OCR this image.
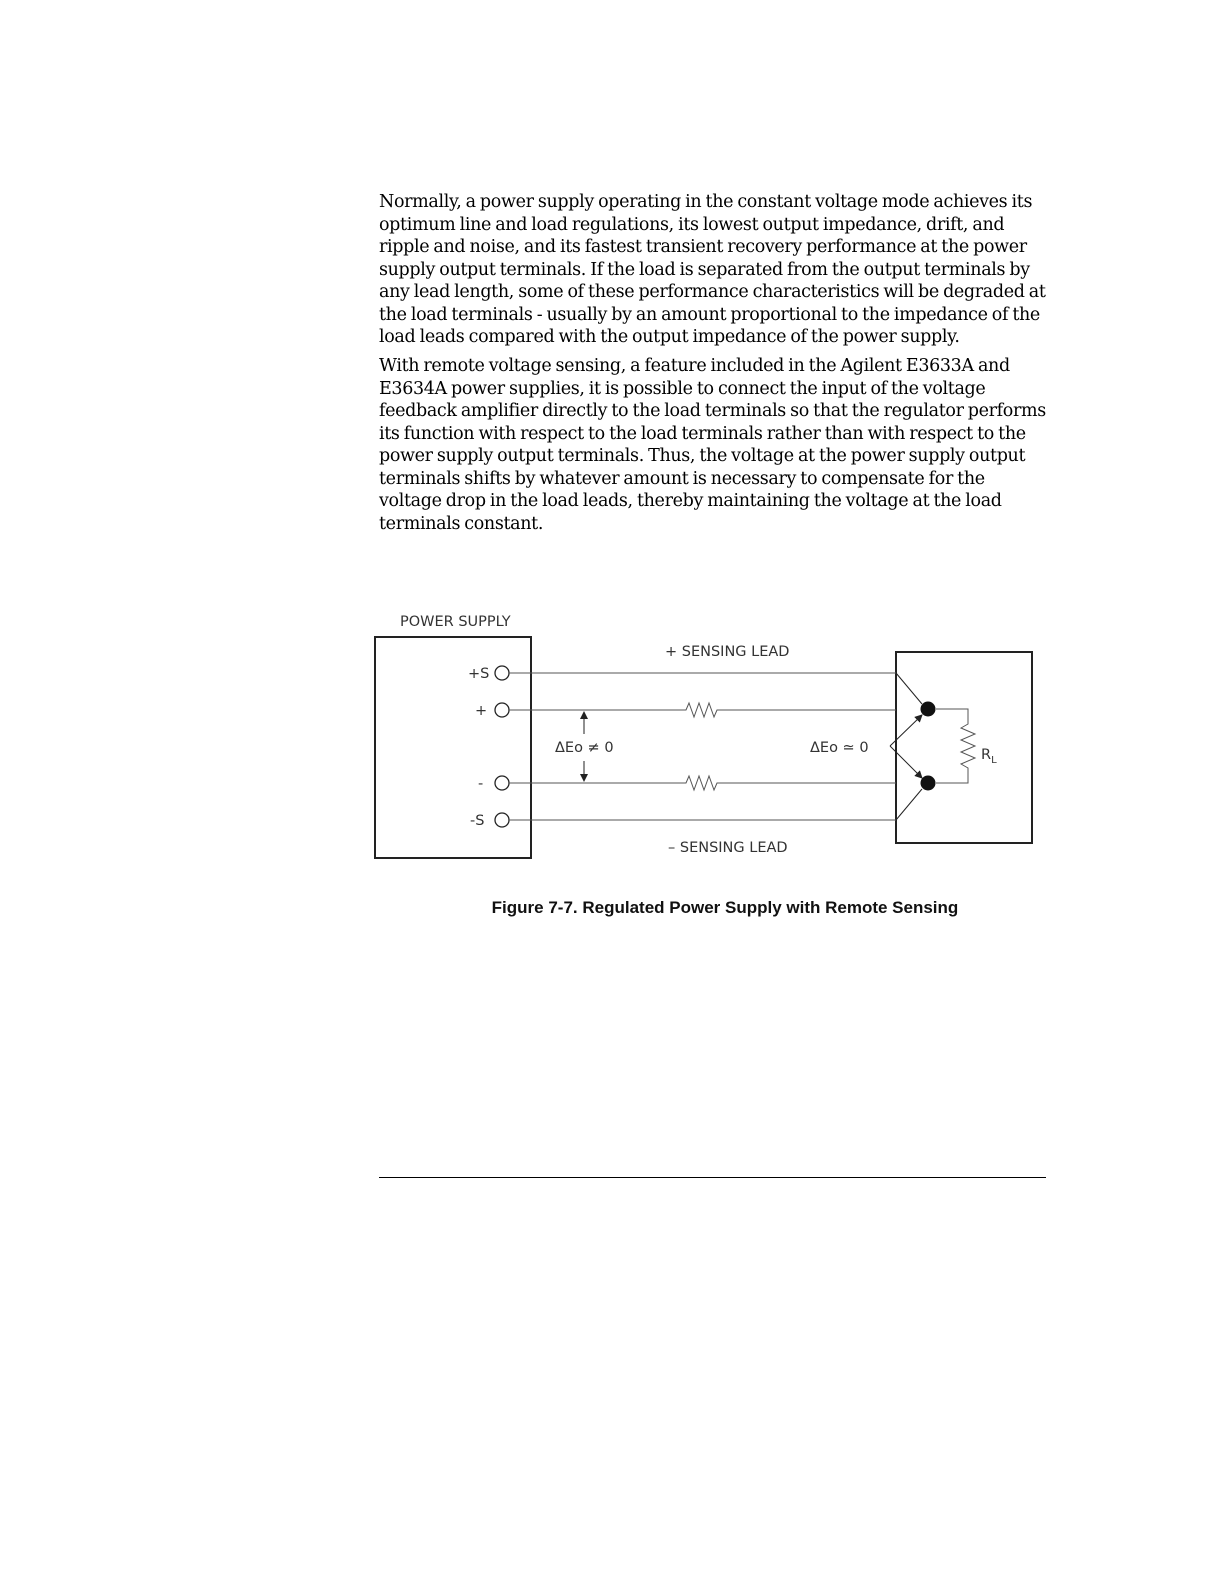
Normally, a power supply operating in the constant voltage mode achieves its optimum line and load regulations, its lowest output impedance, drift, and ripple and noise, and its fastest transient recovery performance at the power supply output terminals. If the load is separated from the output terminals by any lead length, some of these performance characteristics will be degraded at the load terminals - usually by an amount proportional to the impedance of the load leads compared with the output impedance of the power supply.

With remote voltage sensing, a feature included in the Agilent E3633A and E3634A power supplies, it is possible to connect the input of the voltage feedback amplifier directly to the load terminals so that the regulator performs its function with respect to the load terminals rather than with respect to the power supply output terminals. Thus, the voltage at the power supply output terminals shifts by whatever amount is necessary to compensate for the voltage drop in the load leads, thereby maintaining the voltage at the load terminals constant.

POWER SUPPLY
+S
+
-
-S
+ SENSING LEAD
– SENSING LEAD
ΔEo ≠ 0	ΔEo ≃ 0	$R_L$
Figure 7-7. Regulated Power Supply with Remote Sensing
